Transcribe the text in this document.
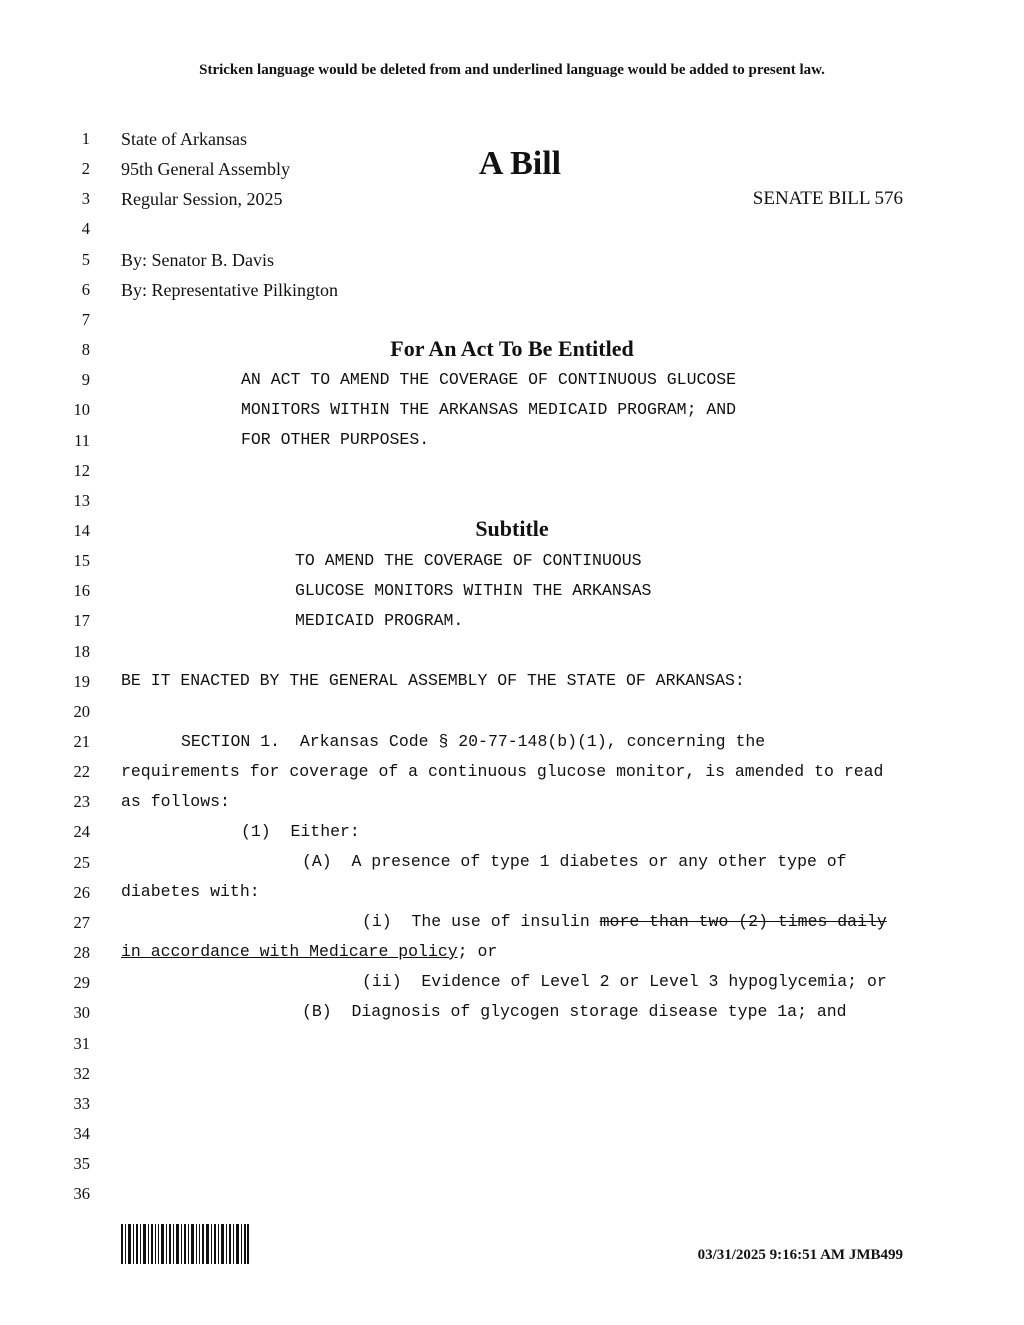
Stricken language would be deleted from and underlined language would be added to present law.
1
2
3
4
5
6
7
8
9
10
11
12
13
14
15
16
17
18
19
20
21
22
23
24
25
26
27
28
29
30
31
32
33
34
35
36
State of Arkansas
95th General Assembly
Regular Session, 2025
A Bill
SENATE BILL 576
By: Senator B. Davis
By: Representative Pilkington
For An Act To Be Entitled
AN ACT TO AMEND THE COVERAGE OF CONTINUOUS GLUCOSE
MONITORS WITHIN THE ARKANSAS MEDICAID PROGRAM; AND
FOR OTHER PURPOSES.
Subtitle
TO AMEND THE COVERAGE OF CONTINUOUS
GLUCOSE MONITORS WITHIN THE ARKANSAS
MEDICAID PROGRAM.
BE IT ENACTED BY THE GENERAL ASSEMBLY OF THE STATE OF ARKANSAS:
SECTION 1.  Arkansas Code § 20-77-148(b)(1), concerning the
requirements for coverage of a continuous glucose monitor, is amended to read
as follows:
(1)  Either:
(A)  A presence of type 1 diabetes or any other type of
diabetes with:
(i)  The use of insulin more than two (2) times daily
in accordance with Medicare policy; or
(ii)  Evidence of Level 2 or Level 3 hypoglycemia; or
(B)  Diagnosis of glycogen storage disease type 1a; and
03/31/2025 9:16:51 AM JMB499
